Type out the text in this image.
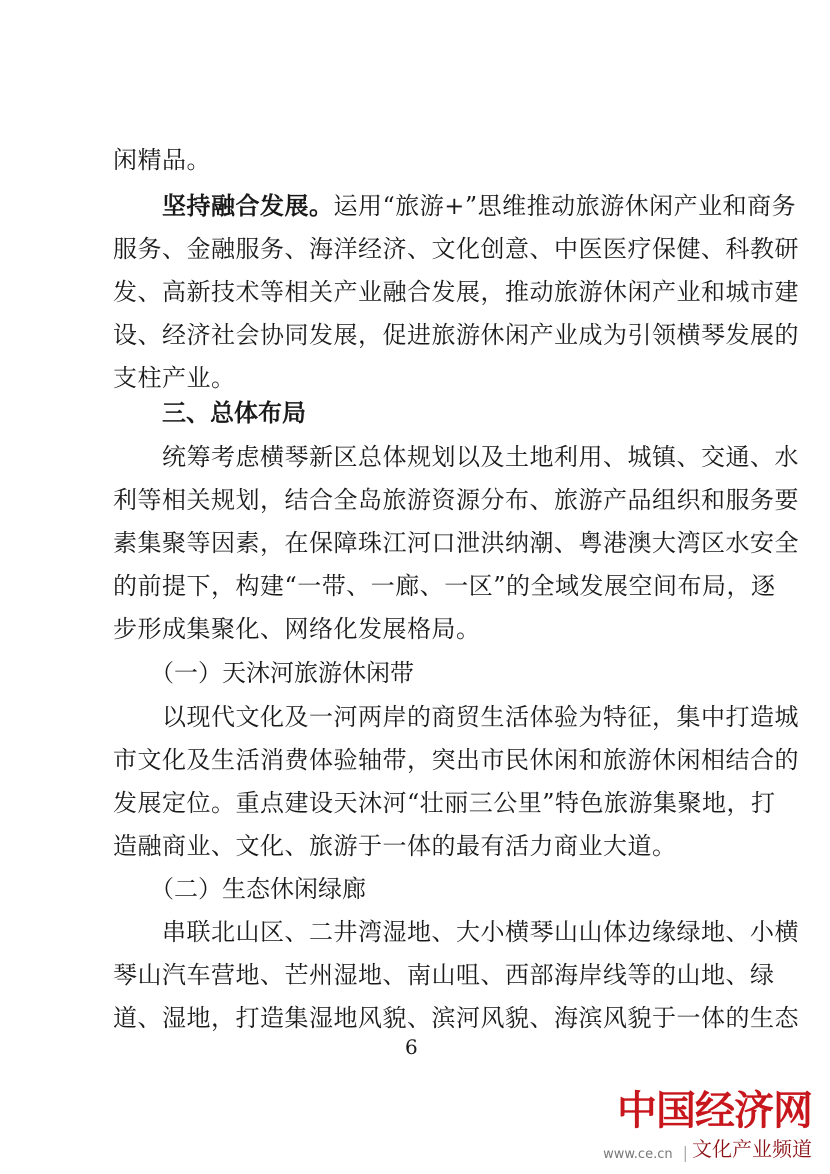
闲精品。
坚持融合发展。运用“旅游+”思维推动旅游休闲产业和商务
服务、金融服务、海洋经济、文化创意、中医医疗保健、科教研
发、高新技术等相关产业融合发展，推动旅游休闲产业和城市建
设、经济社会协同发展，促进旅游休闲产业成为引领横琴发展的
支柱产业。
三、总体布局
统筹考虑横琴新区总体规划以及土地利用、城镇、交通、水
利等相关规划，结合全岛旅游资源分布、旅游产品组织和服务要
素集聚等因素，在保障珠江河口泄洪纳潮、粤港澳大湾区水安全
的前提下，构建“一带、一廊、一区”的全域发展空间布局，逐
步形成集聚化、网络化发展格局。
（一）天沐河旅游休闲带
以现代文化及一河两岸的商贸生活体验为特征，集中打造城
市文化及生活消费体验轴带，突出市民休闲和旅游休闲相结合的
发展定位。重点建设天沐河“壮丽三公里”特色旅游集聚地，打
造融商业、文化、旅游于一体的最有活力商业大道。
（二）生态休闲绿廊
串联北山区、二井湾湿地、大小横琴山山体边缘绿地、小横
琴山汽车营地、芒州湿地、南山咀、西部海岸线等的山地、绿
道、湿地，打造集湿地风貌、滨河风貌、海滨风貌于一体的生态
6
中国经济网
www.ce.cn | 文化产业频道
